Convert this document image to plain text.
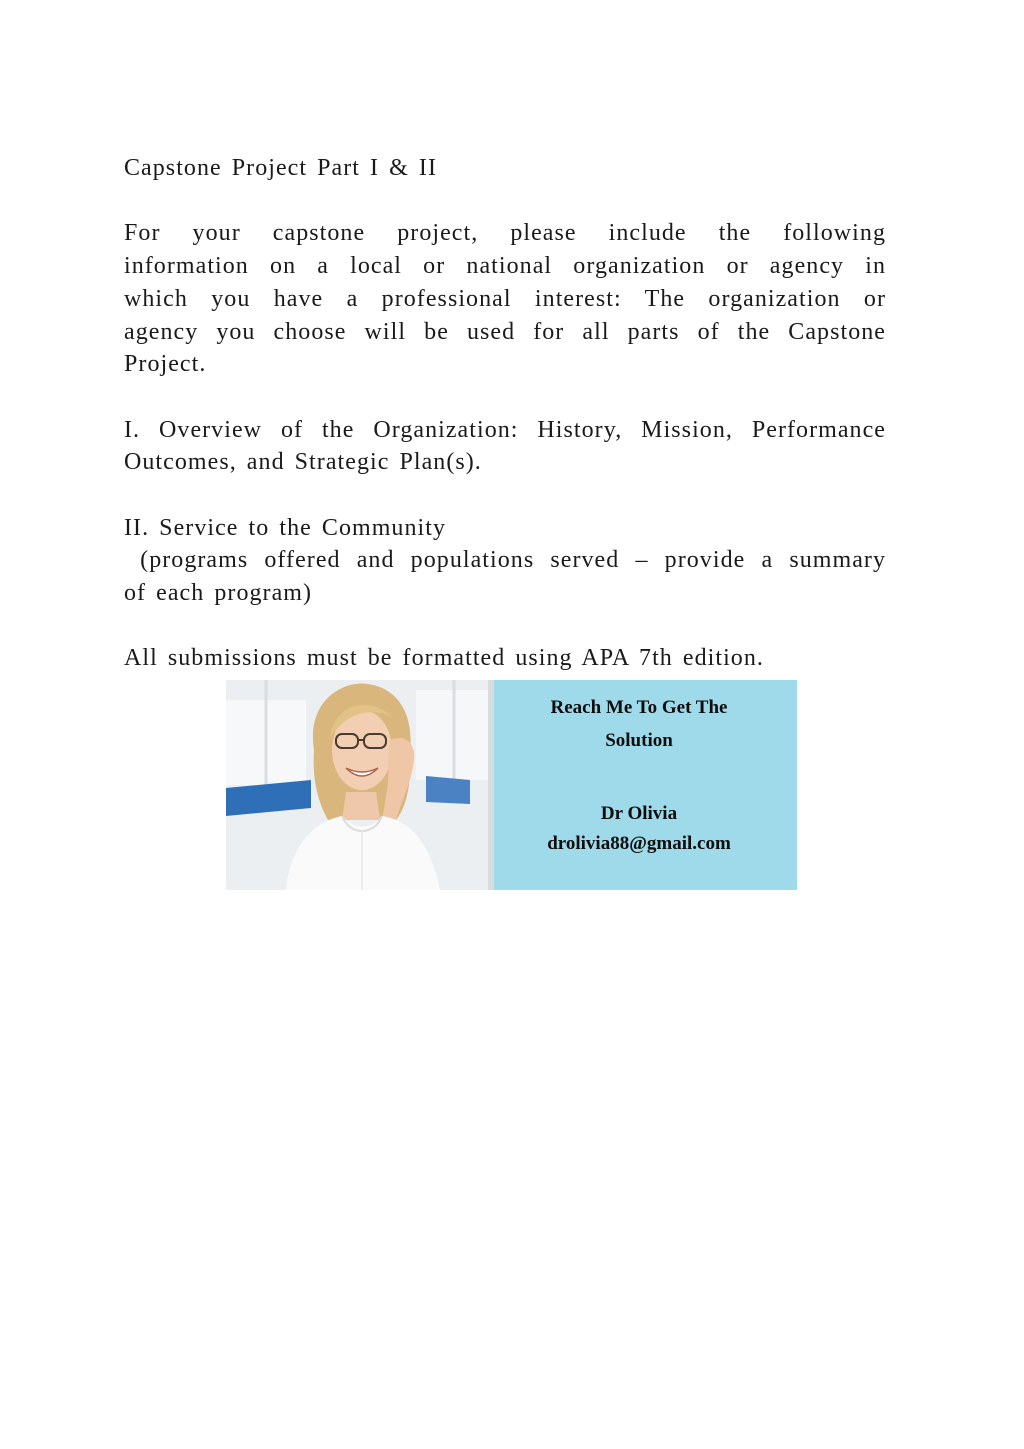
Capstone Project Part I & II

For your capstone project, please include the following

information on a local or national organization or agency in

which you have a professional interest: The organization or

agency you choose will be used for all parts of the Capstone

Project.

I. Overview of the Organization: History, Mission, Performance

Outcomes, and Strategic Plan(s).

II. Service to the Community

(programs offered and populations served – provide a summary

of each program)

All submissions must be formatted using APA 7th edition.

Reach Me To Get The
Solution
Dr Olivia
drolivia88@gmail.com
